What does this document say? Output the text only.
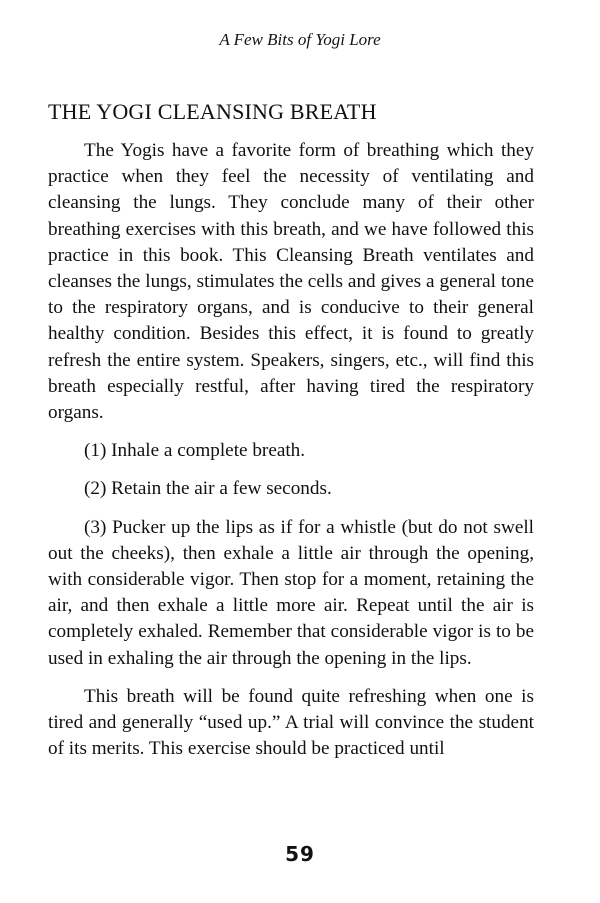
A Few Bits of Yogi Lore
THE YOGI CLEANSING BREATH

The Yogis have a favorite form of breathing which they practice when they feel the necessity of ventilating and cleansing the lungs. They conclude many of their other breathing exercises with this breath, and we have followed this practice in this book. This Cleansing Breath ventilates and cleanses the lungs, stimulates the cells and gives a general tone to the respiratory organs, and is conducive to their general healthy condition. Besides this effect, it is found to greatly refresh the entire system. Speakers, singers, etc., will find this breath especially restful, after having tired the respiratory organs.

(1) Inhale a complete breath.

(2) Retain the air a few seconds.

(3) Pucker up the lips as if for a whistle (but do not swell out the cheeks), then exhale a little air through the opening, with considerable vigor. Then stop for a moment, retaining the air, and then exhale a little more air. Repeat until the air is completely exhaled. Remember that considerable vigor is to be used in exhaling the air through the opening in the lips.

This breath will be found quite refreshing when one is tired and generally “used up.” A trial will convince the student of its merits. This exercise should be practiced until

59
